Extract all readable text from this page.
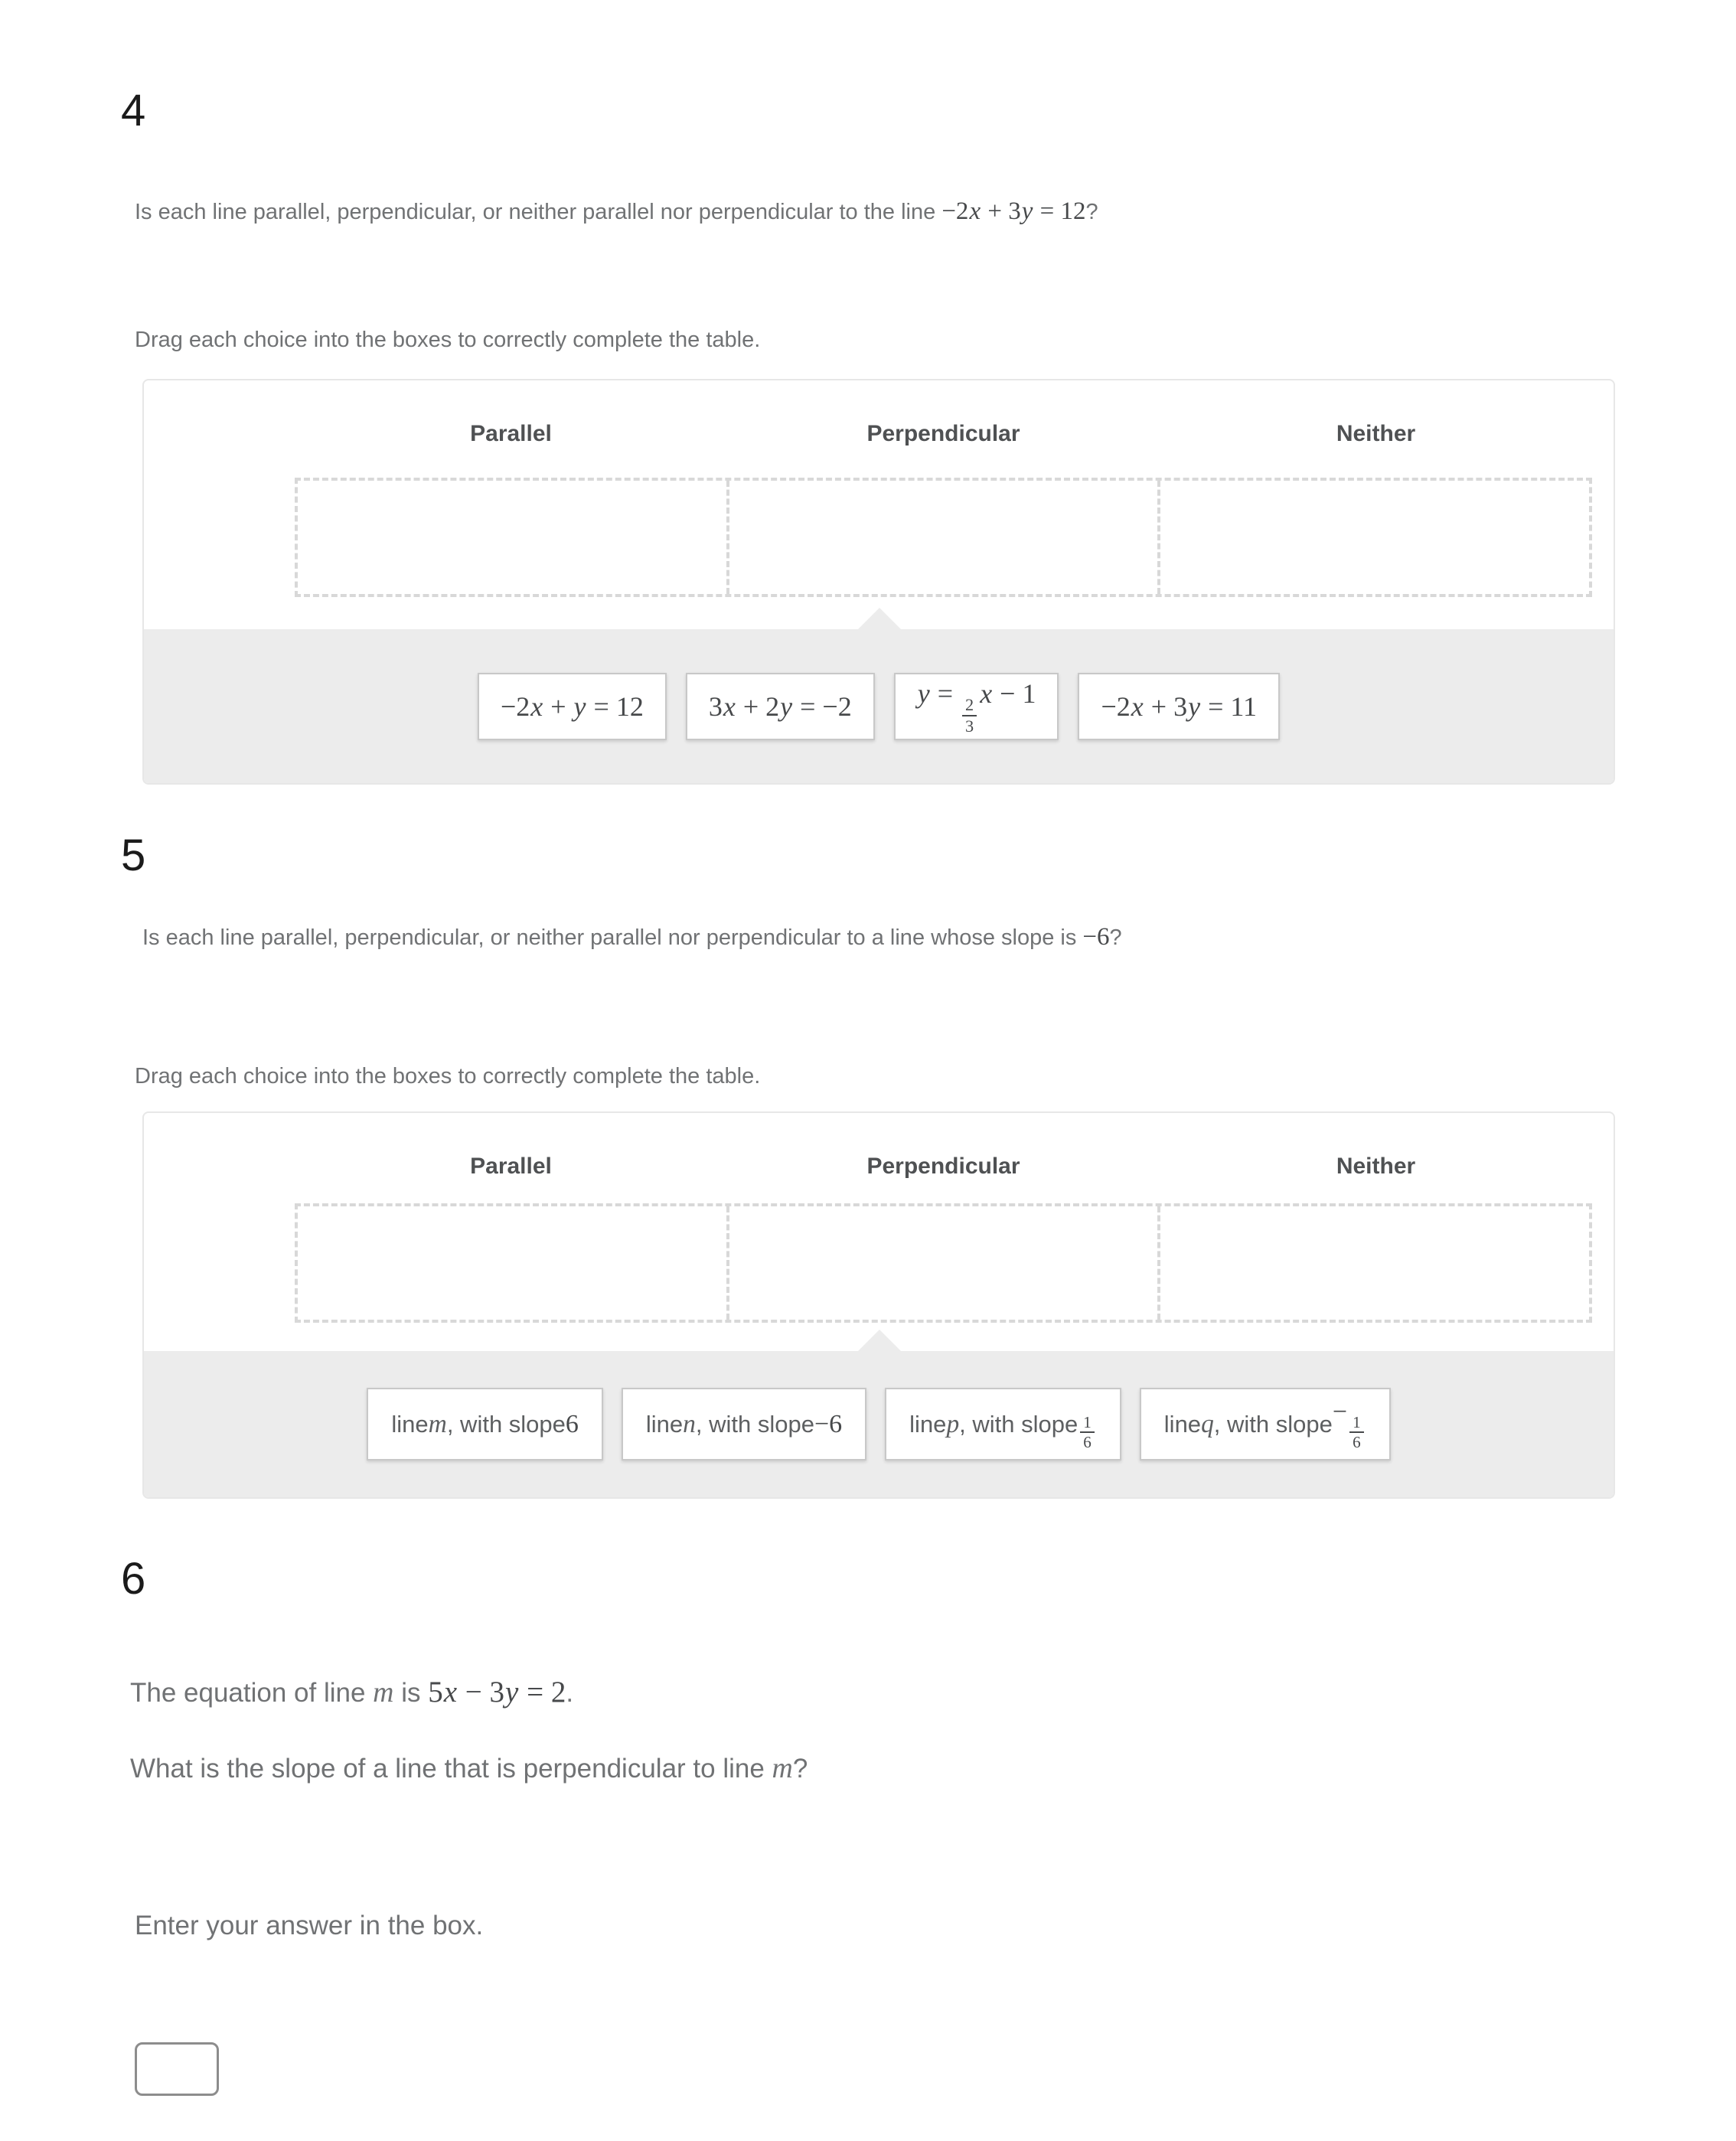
4

Is each line parallel, perpendicular, or neither parallel nor perpendicular to the line −2x + 3y = 12?

Drag each choice into the boxes to correctly complete the table.

Parallel	Perpendicular	Neither
−2x + y = 12 3x + 2y = −2 y =
$\frac{2}{3}$
x − 1 −2x + 3y = 11
5

Is each line parallel, perpendicular, or neither parallel nor perpendicular to a line whose slope is −6?

Drag each choice into the boxes to correctly complete the table.

Parallel	Perpendicular	Neither
line m , with slope 6	line n , with slope −6	line p , with slope $\frac{1}{6}$	line q , with slope −
$\frac{1}{6}$
6

The equation of line m is 5x − 3y = 2.

What is the slope of a line that is perpendicular to line m?

Enter your answer in the box.
